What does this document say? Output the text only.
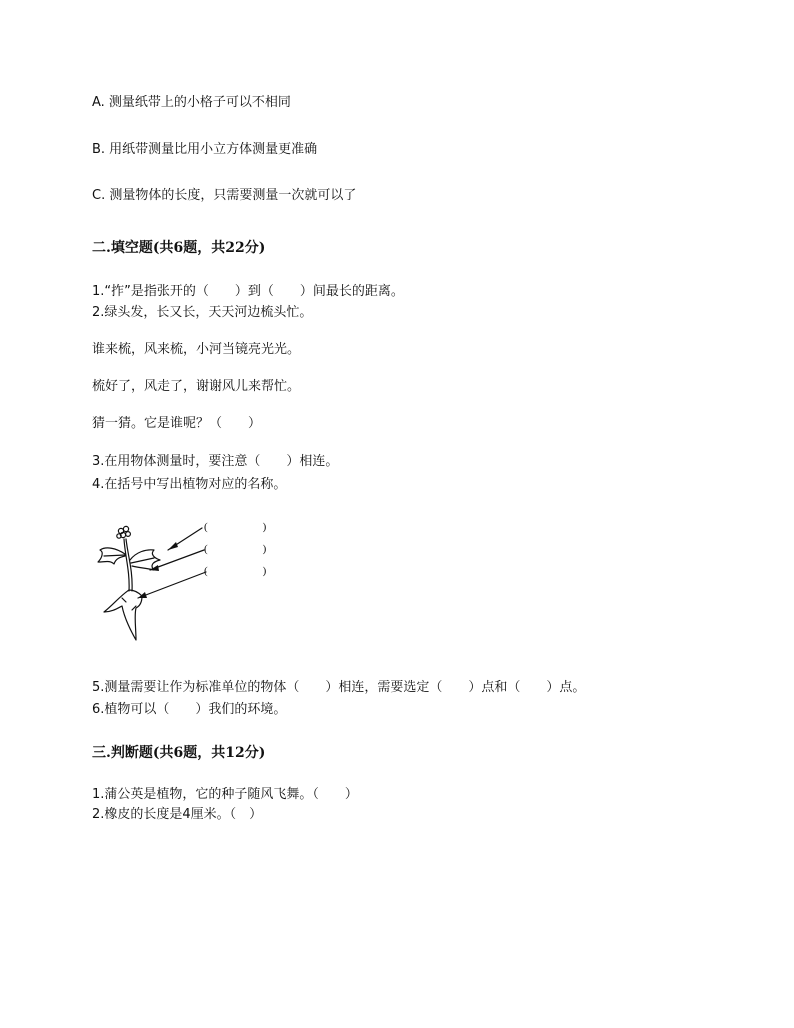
A. 测量纸带上的小格子可以不相同
B. 用纸带测量比用小立方体测量更准确
C. 测量物体的长度，只需要测量一次就可以了
二.填空题(共6题，共22分)
1.“拃”是指张开的（　　）到（　　）间最长的距离。
2.绿头发，长又长，天天河边梳头忙。
谁来梳，风来梳，小河当镜亮光光。
梳好了，风走了，谢谢风儿来帮忙。
猜一猜。它是谁呢？（　　）
3.在用物体测量时，要注意（　　）相连。
4.在括号中写出植物对应的名称。
(　　　　　)
(　　　　　)
(　　　　　)
5.测量需要让作为标准单位的物体（　　）相连，需要选定（　　）点和（　　）点。
6.植物可以（　　）我们的环境。
三.判断题(共6题，共12分)
1.蒲公英是植物，它的种子随风飞舞。（　　）
2.橡皮的长度是4厘米。（　）
